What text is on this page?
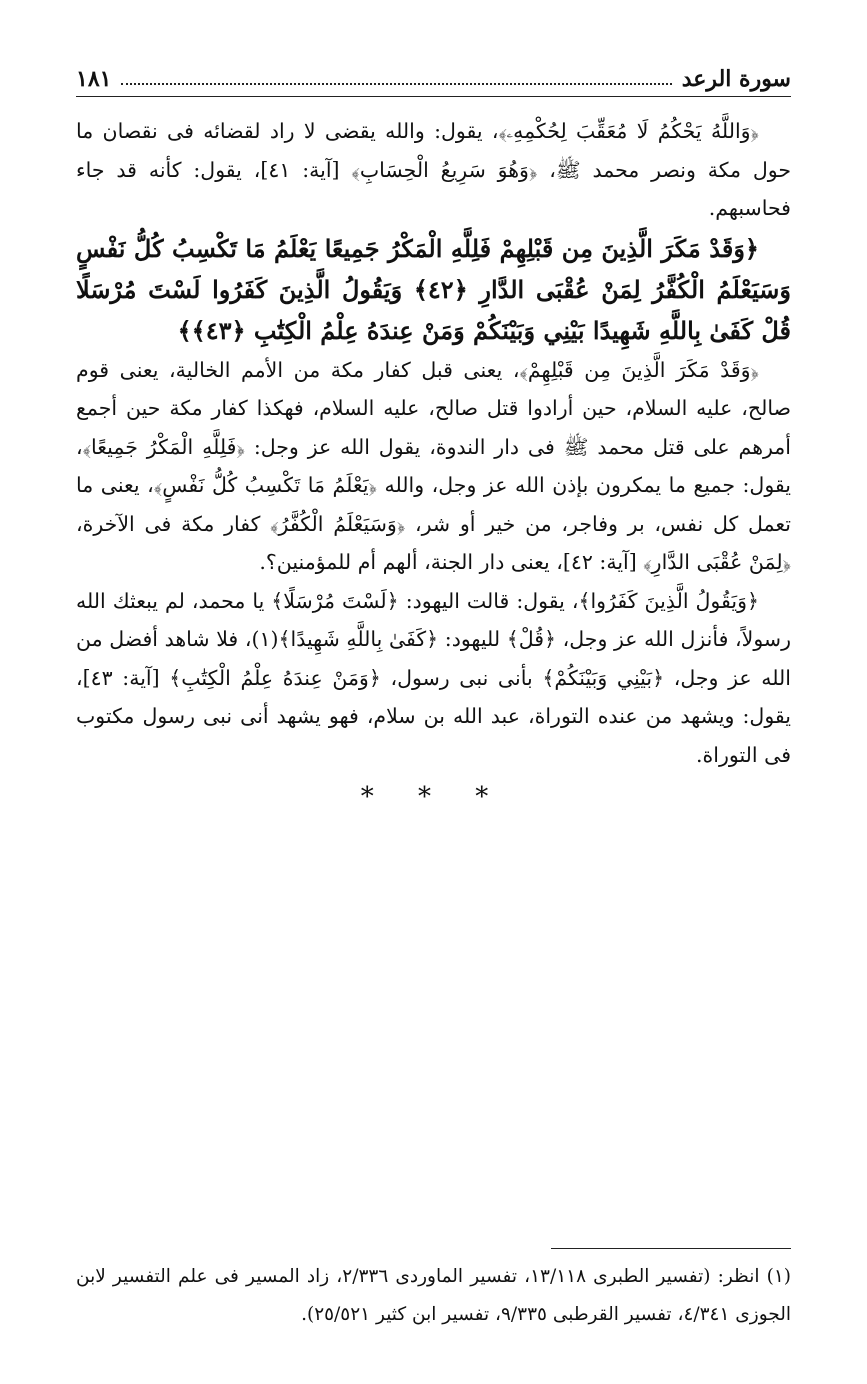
سورة الرعد
١٨١

﴿وَاللَّهُ يَحْكُمُ لَا مُعَقِّبَ لِحُكْمِهِۦ﴾، يقول: والله يقضى لا راد لقضائه فى نقصان ما حول مكة ونصر محمد ﷺ، ﴿وَهُوَ سَرِيعُ الْحِسَابِ﴾ [آية: ٤١]، يقول: كأنه قد جاء فحاسبهم.

﴿وَقَدْ مَكَرَ الَّذِينَ مِن قَبْلِهِمْ فَلِلَّهِ الْمَكْرُ جَمِيعًا يَعْلَمُ مَا تَكْسِبُ كُلُّ نَفْسٍ وَسَيَعْلَمُ الْكُفَّرُ لِمَنْ عُقْبَى الدَّارِ ﴿٤٢﴾ وَيَقُولُ الَّذِينَ كَفَرُوا لَسْتَ مُرْسَلًا قُلْ كَفَىٰ بِاللَّهِ شَهِيدًا بَيْنِي وَبَيْنَكُمْ وَمَنْ عِندَهُ عِلْمُ الْكِتَٰبِ ﴿٤٣﴾﴾

﴿وَقَدْ مَكَرَ الَّذِينَ مِن قَبْلِهِمْ﴾، يعنى قبل كفار مكة من الأمم الخالية، يعنى قوم صالح، عليه السلام، حين أرادوا قتل صالح، عليه السلام، فهكذا كفار مكة حين أجمع أمرهم على قتل محمد ﷺ فى دار الندوة، يقول الله عز وجل: ﴿فَلِلَّهِ الْمَكْرُ جَمِيعًا﴾، يقول: جميع ما يمكرون بإذن الله عز وجل، والله ﴿يَعْلَمُ مَا تَكْسِبُ كُلُّ نَفْسٍ﴾، يعنى ما تعمل كل نفس، بر وفاجر، من خير أو شر، ﴿وَسَيَعْلَمُ الْكُفَّرُ﴾ كفار مكة فى الآخرة، ﴿لِمَنْ عُقْبَى الدَّارِ﴾ [آية: ٤٢]، يعنى دار الجنة، ألهم أم للمؤمنين؟.

﴿وَيَقُولُ الَّذِينَ كَفَرُوا﴾، يقول: قالت اليهود: ﴿لَسْتَ مُرْسَلًا﴾ يا محمد، لم يبعثك الله رسولاً، فأنزل الله عز وجل، ﴿قُلْ﴾ لليهود: ﴿كَفَىٰ بِاللَّهِ شَهِيدًا﴾(١)، فلا شاهد أفضل من الله عز وجل، ﴿بَيْنِي وَبَيْنَكُمْ﴾ بأنى نبى رسول، ﴿وَمَنْ عِندَهُ عِلْمُ الْكِتَٰبِ﴾ [آية: ٤٣]، يقول: ويشهد من عنده التوراة، عبد الله بن سلام، فهو يشهد أنى نبى رسول مكتوب فى التوراة.

* * *

(١) انظر: (تفسير الطبرى ١٣/١١٨، تفسير الماوردى ٢/٣٣٦، زاد المسير فى علم التفسير لابن الجوزى ٤/٣٤١، تفسير القرطبى ٩/٣٣٥، تفسير ابن كثير ٢٥/٥٢١).
